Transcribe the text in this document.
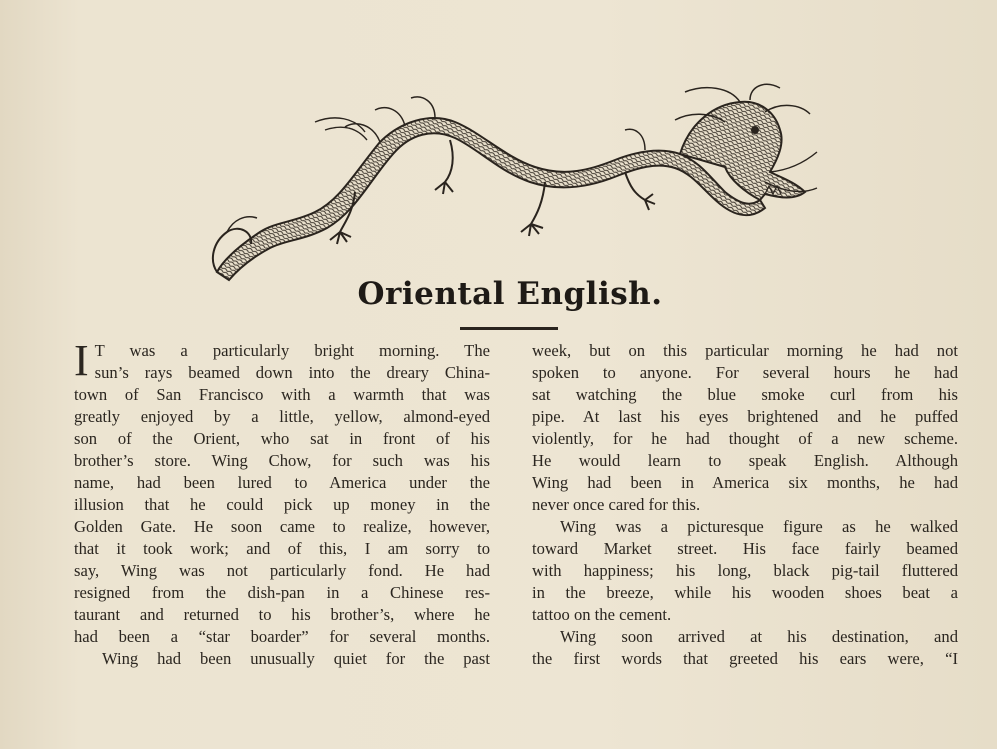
Oriental English.
I T was a particularly bright morning. The
sun’s rays beamed down into the dreary China-
town of San Francisco with a warmth that was
greatly enjoyed by a little, yellow, almond-eyed
son of the Orient, who sat in front of his
brother’s store. Wing Chow, for such was his
name, had been lured to America under the
illusion that he could pick up money in the
Golden Gate. He soon came to realize, however,
that it took work; and of this, I am sorry to
say, Wing was not particularly fond. He had
resigned from the dish-pan in a Chinese res-
taurant and returned to his brother’s, where he
had been a “star boarder” for several months.
Wing had been unusually quiet for the past
week, but on this particular morning he had not
spoken to anyone. For several hours he had
sat watching the blue smoke curl from his
pipe. At last his eyes brightened and he puffed
violently, for he had thought of a new scheme.
He would learn to speak English. Although
Wing had been in America six months, he had
never once cared for this.
Wing was a picturesque figure as he walked
toward Market street. His face fairly beamed
with happiness; his long, black pig-tail fluttered
in the breeze, while his wooden shoes beat a
tattoo on the cement.
Wing soon arrived at his destination, and
the first words that greeted his ears were, “I
